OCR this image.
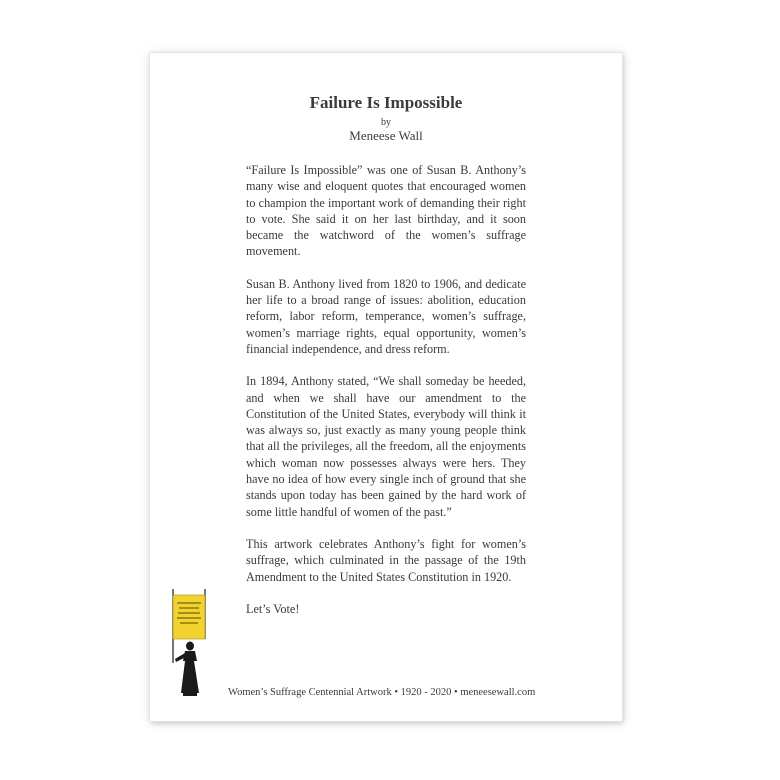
Failure Is Impossible
by
Meneese Wall

“Failure Is Impossible” was one of Susan B. Anthony’s many wise and eloquent quotes that encouraged women to champion the important work of demanding their right to vote. She said it on her last birthday, and it soon became the watchword of the women’s suffrage movement.

Susan B. Anthony lived from 1820 to 1906, and dedicate her life to a broad range of issues: abolition, education reform, labor reform, temperance, women’s suffrage, women’s marriage rights, equal opportunity, women’s financial independence, and dress reform.

In 1894, Anthony stated, “We shall someday be heeded, and when we shall have our amendment to the Constitution of the United States, everybody will think it was always so, just exactly as many young people think that all the privileges, all the freedom, all the enjoyments which woman now possesses always were hers. They have no idea of how every single inch of ground that she stands upon today has been gained by the hard work of some little handful of women of the past.”

This artwork celebrates Anthony’s fight for women’s suffrage, which culminated in the passage of the 19th Amendment to the United States Constitution in 1920.

Let’s Vote!

Women’s Suffrage Centennial Artwork • 1920 - 2020 • meneesewall.com
